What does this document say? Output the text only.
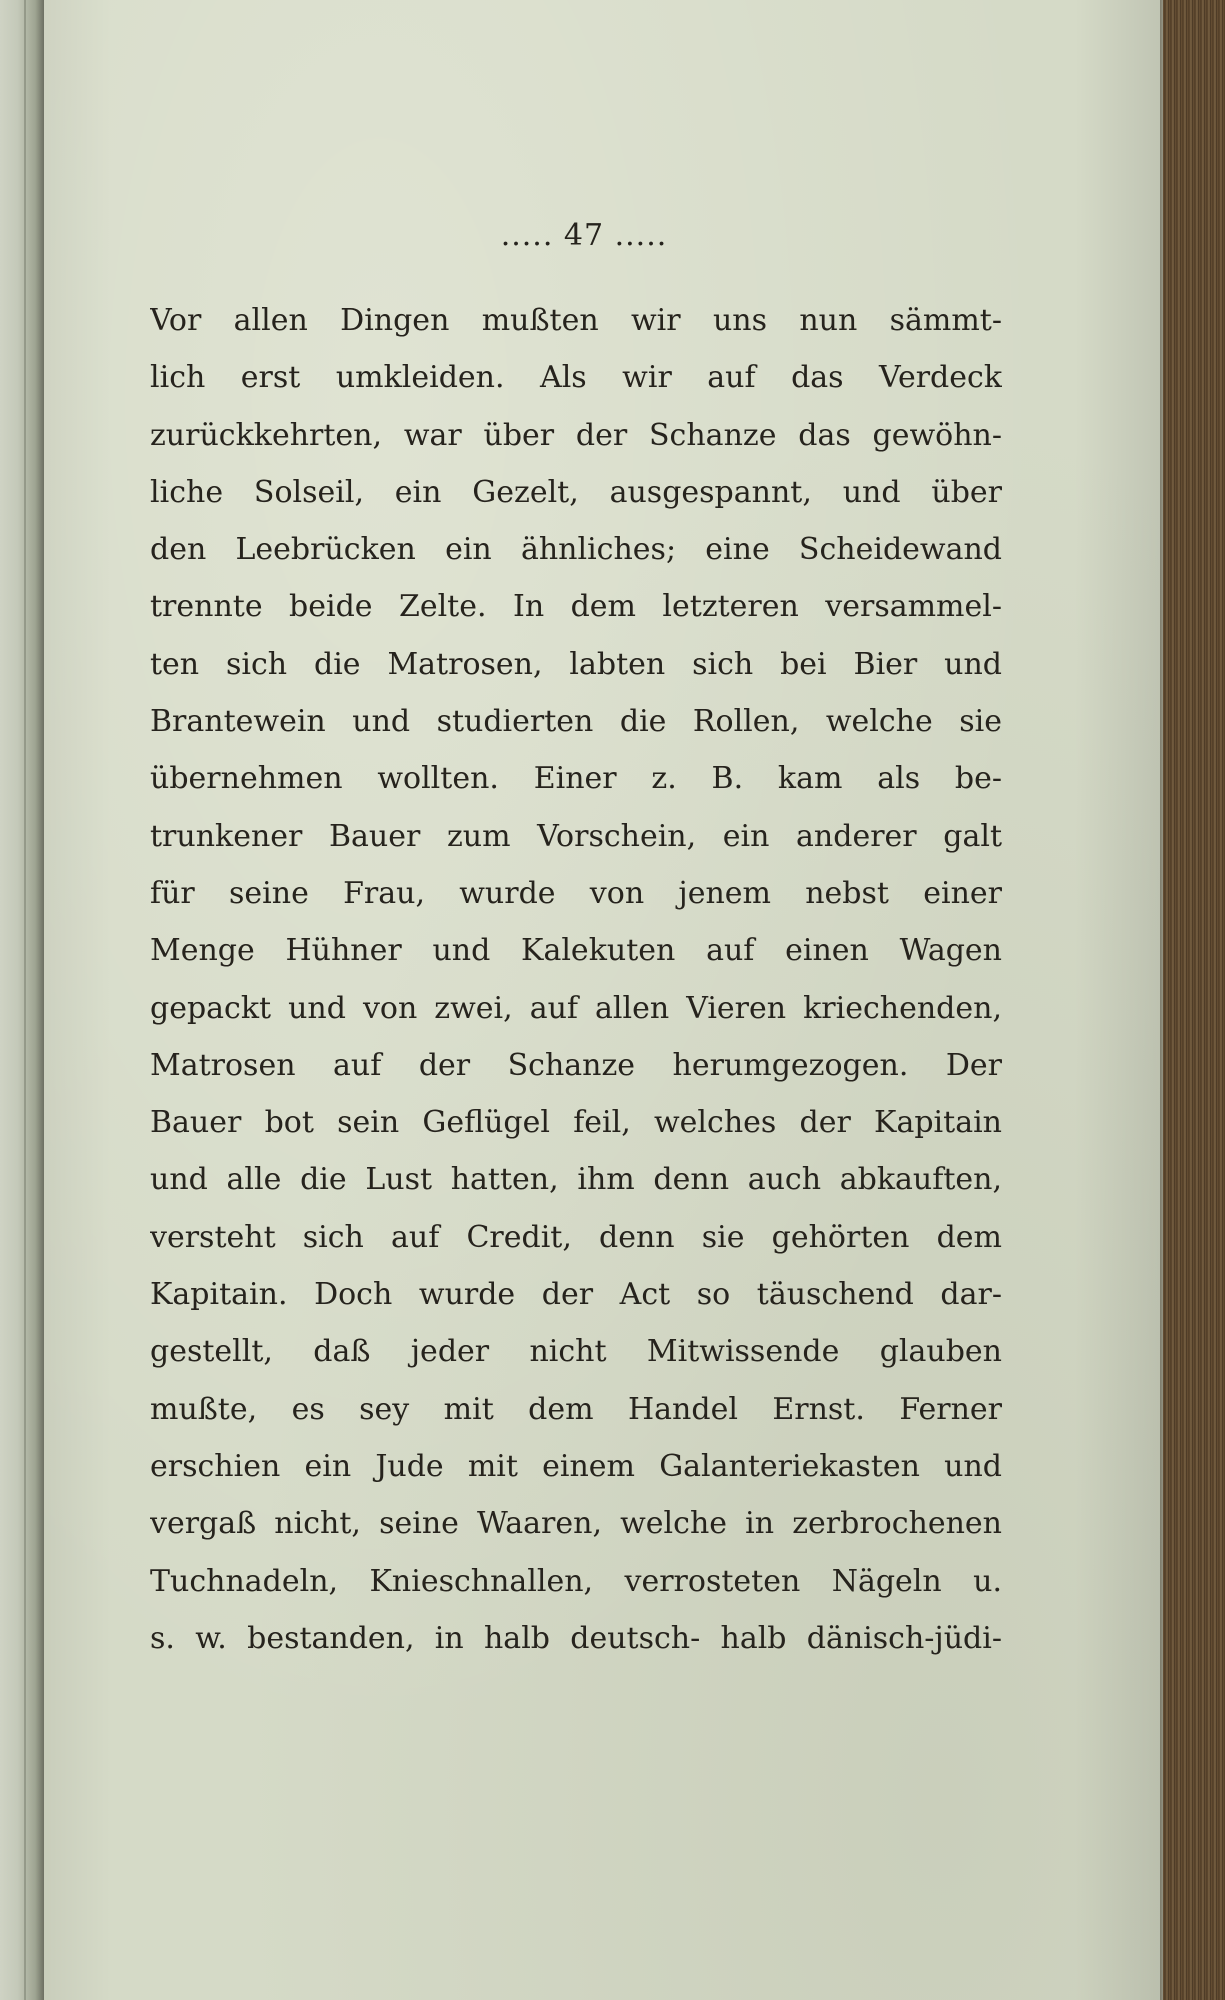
..... 47 .....
Vor allen Dingen mußten wir uns nun sämmt-
lich erst umkleiden. Als wir auf das Verdeck
zurückkehrten, war über der Schanze das gewöhn-
liche Solseil, ein Gezelt, ausgespannt, und über
den Leebrücken ein ähnliches; eine Scheidewand
trennte beide Zelte. In dem letzteren versammel-
ten sich die Matrosen, labten sich bei Bier und
Brantewein und studierten die Rollen, welche sie
übernehmen wollten. Einer z. B. kam als be-
trunkener Bauer zum Vorschein, ein anderer galt
für seine Frau, wurde von jenem nebst einer
Menge Hühner und Kalekuten auf einen Wagen
gepackt und von zwei, auf allen Vieren kriechenden,
Matrosen auf der Schanze herumgezogen. Der
Bauer bot sein Geflügel feil, welches der Kapitain
und alle die Lust hatten, ihm denn auch abkauften,
versteht sich auf Credit, denn sie gehörten dem
Kapitain. Doch wurde der Act so täuschend dar-
gestellt, daß jeder nicht Mitwissende glauben
mußte, es sey mit dem Handel Ernst. Ferner
erschien ein Jude mit einem Galanteriekasten und
vergaß nicht, seine Waaren, welche in zerbrochenen
Tuchnadeln, Knieschnallen, verrosteten Nägeln u.
s. w. bestanden, in halb deutsch- halb dänisch-jüdi-
